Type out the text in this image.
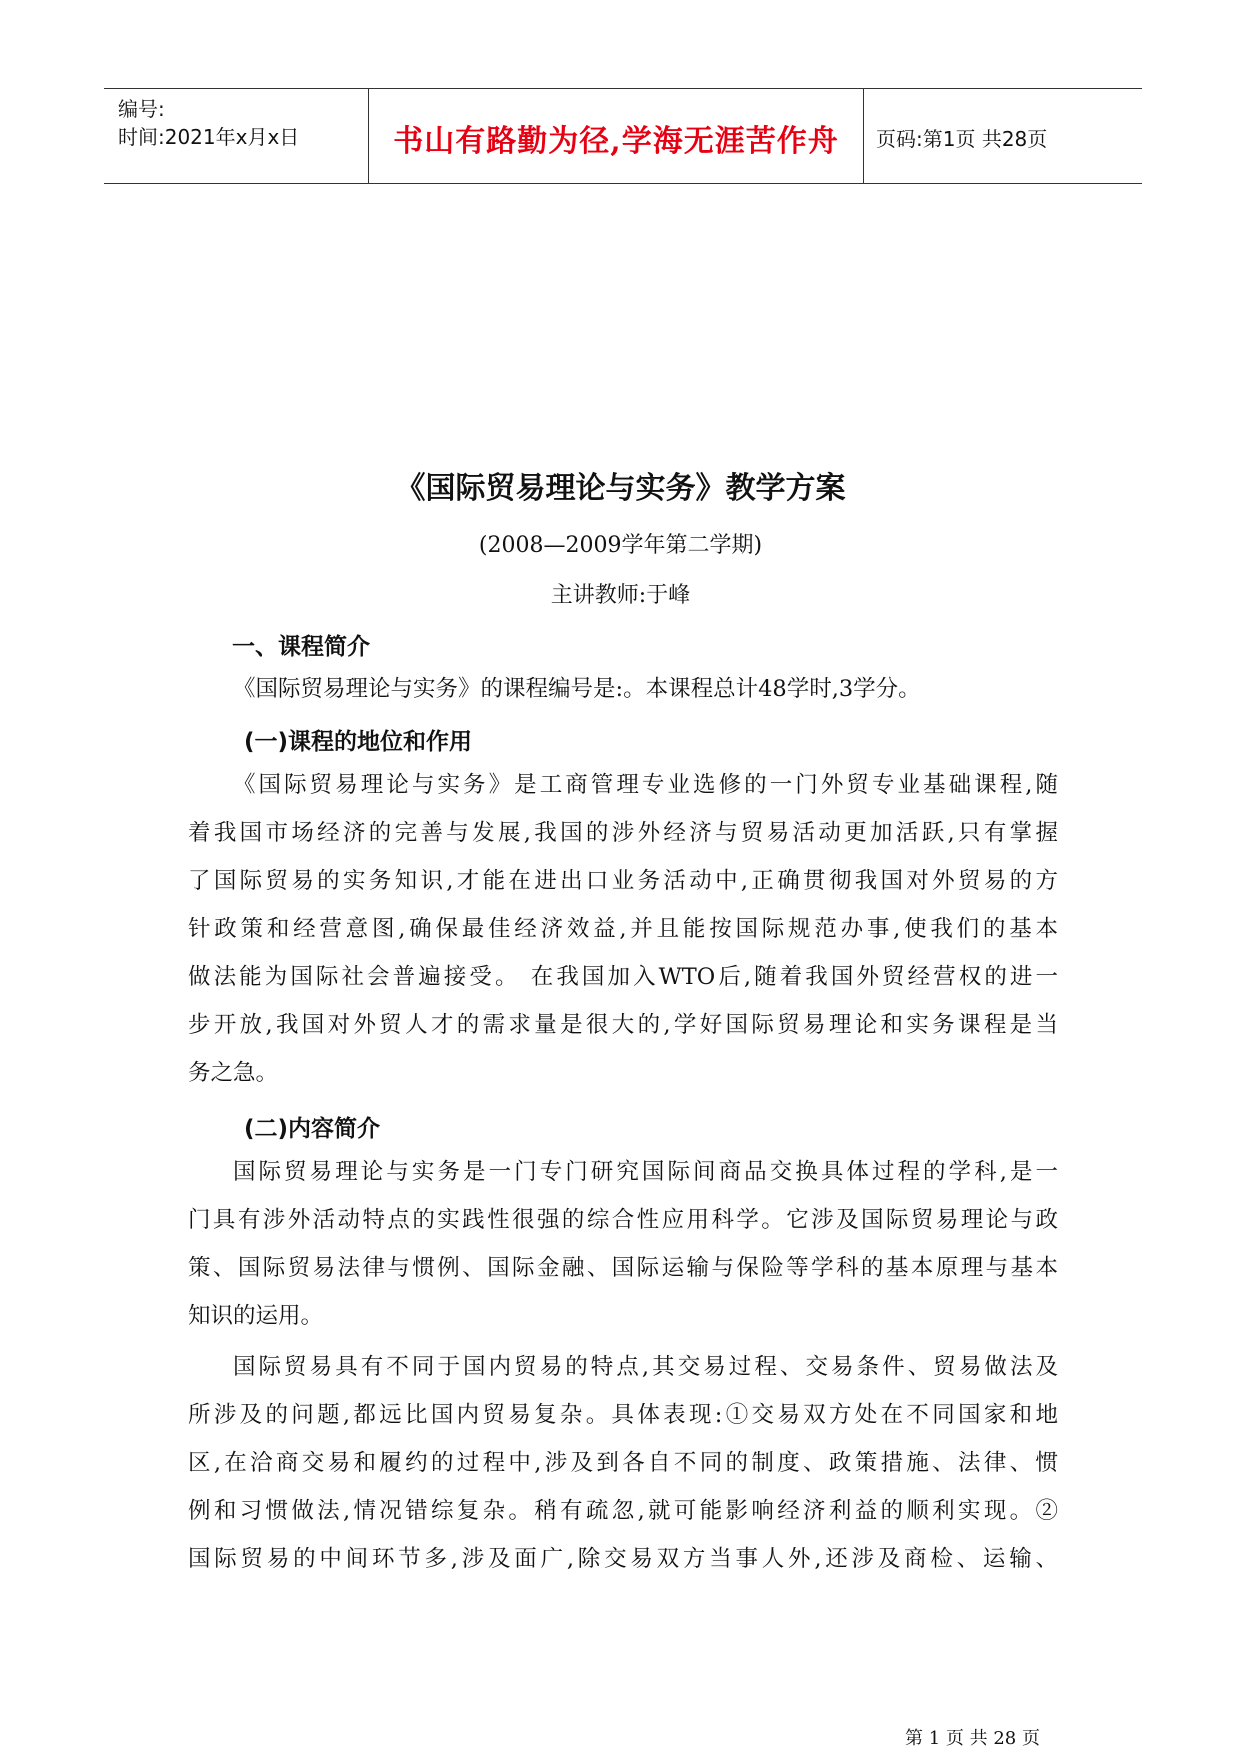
编号:
时间:2021年x月x日	书山有路勤为径,学海无涯苦作舟	页码:第1页 共28页
《国际贸易理论与实务》教学方案
(2008—2009学年第二学期)
主讲教师:于峰
一、课程简介
《国际贸易理论与实务》的课程编号是:。本课程总计48学时,3学分。
(一)课程的地位和作用
《国际贸易理论与实务》是工商管理专业选修的一门外贸专业基础课程,随
着我国市场经济的完善与发展,我国的涉外经济与贸易活动更加活跃,只有掌握
了国际贸易的实务知识,才能在进出口业务活动中,正确贯彻我国对外贸易的方
针政策和经营意图,确保最佳经济效益,并且能按国际规范办事,使我们的基本
做法能为国际社会普遍接受。 在我国加入WTO后,随着我国外贸经营权的进一
步开放,我国对外贸人才的需求量是很大的,学好国际贸易理论和实务课程是当
务之急。
(二)内容简介
国际贸易理论与实务是一门专门研究国际间商品交换具体过程的学科,是一
门具有涉外活动特点的实践性很强的综合性应用科学。它涉及国际贸易理论与政
策、国际贸易法律与惯例、国际金融、国际运输与保险等学科的基本原理与基本
知识的运用。
国际贸易具有不同于国内贸易的特点,其交易过程、交易条件、贸易做法及
所涉及的问题,都远比国内贸易复杂。具体表现:①交易双方处在不同国家和地
区,在洽商交易和履约的过程中,涉及到各自不同的制度、政策措施、法律、惯
例和习惯做法,情况错综复杂。稍有疏忽,就可能影响经济利益的顺利实现。②
国际贸易的中间环节多,涉及面广,除交易双方当事人外,还涉及商检、运输、
第 1 页 共 28 页
